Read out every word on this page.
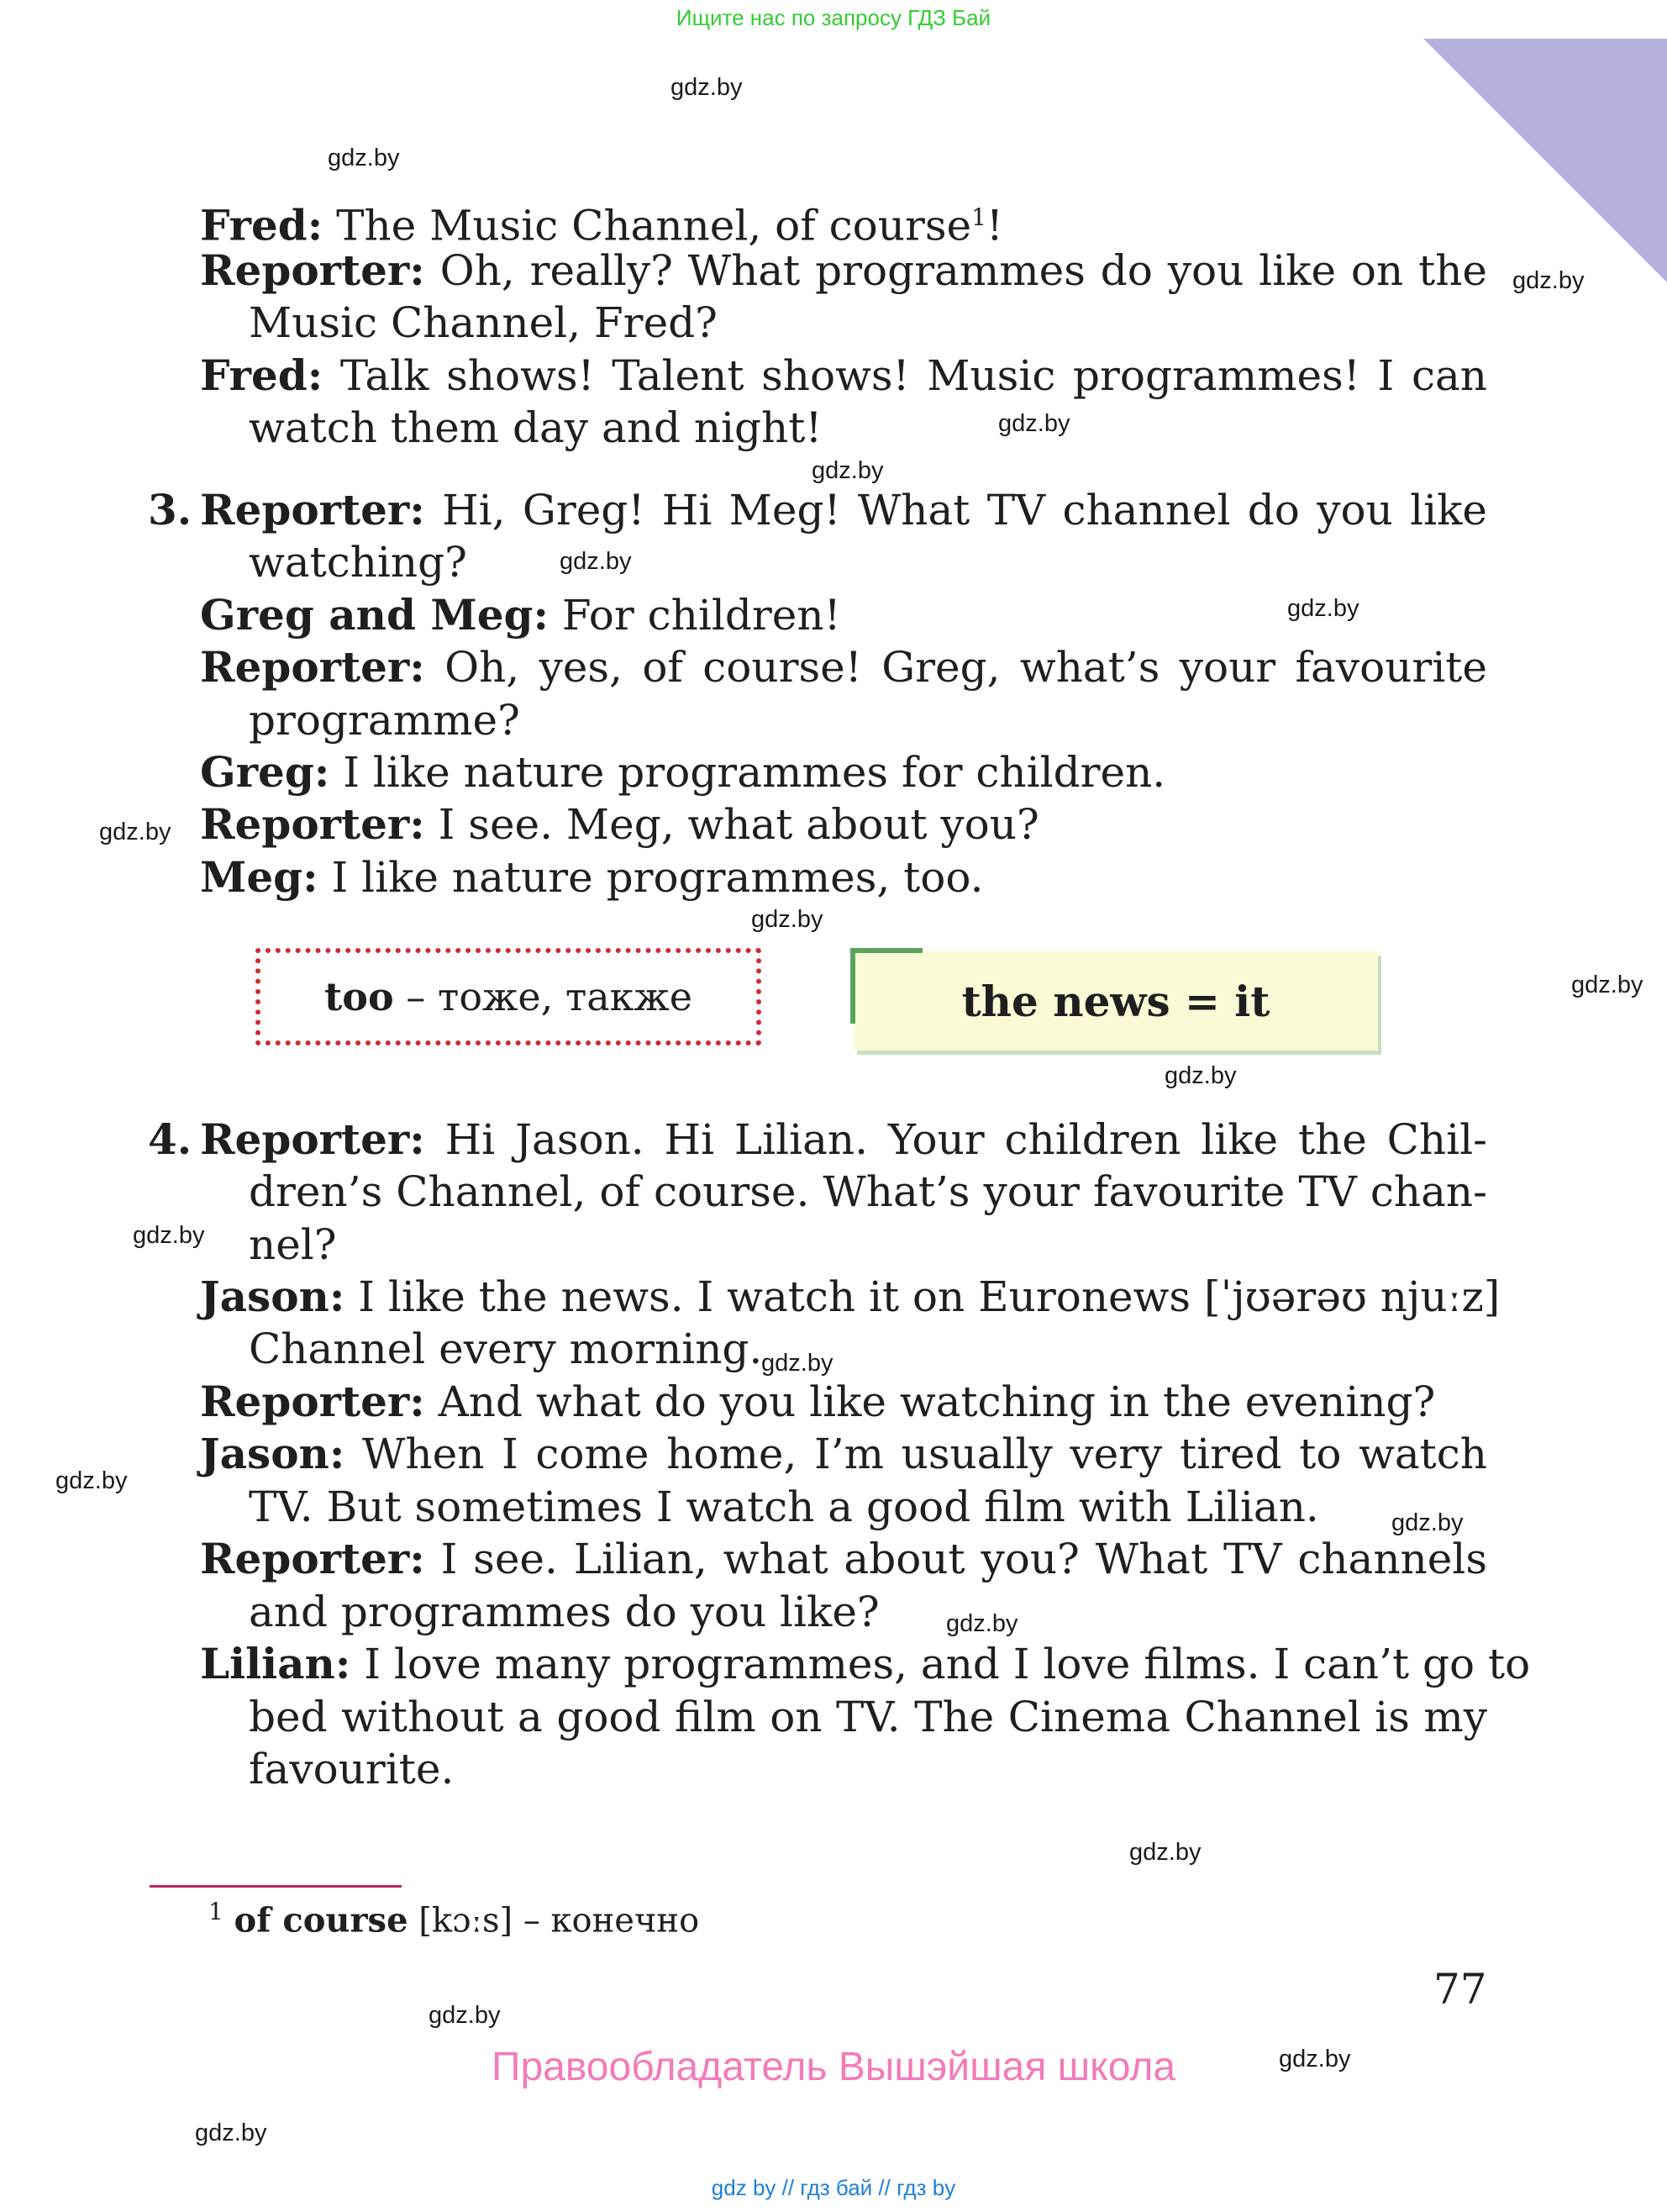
Ищите нас по запросу ГДЗ Бай
Fred: The Music Channel, of course$^1$!
Reporter: Oh, really? What programmes do you like on the
Music Channel, Fred?
Fred: Talk shows! Talent shows! Music programmes! I can
watch them day and night!
3. Reporter: Hi, Greg! Hi Meg! What TV channel do you like
watching?
Greg and Meg: For children!
Reporter: Oh, yes, of course! Greg, what’s your favourite
programme?
Greg: I like nature programmes for children.
Reporter: I see. Meg, what about you?
Meg: I like nature programmes, too.
4. Reporter: Hi Jason. Hi Lilian. Your children like the Chil-
dren’s Channel, of course. What’s your favourite TV chan-
nel?
Jason: I like the news. I watch it on Euronews [ˈjʊərəʊ njuːz]
Channel every morning.
Reporter: And what do you like watching in the evening?
Jason: When I come home, I’m usually very tired to watch
TV. But sometimes I watch a good film with Lilian.
Reporter: I see. Lilian, what about you? What TV channels
and programmes do you like?
Lilian: I love many programmes, and I love films. I can’t go to
bed without a good film on TV. The Cinema Channel is my
favourite.
too
– тоже, также	the news = it
$^1$ of course [kɔːs] – конечно
77
Правообладатель Вышэйшая школа
gdz by // гдз бай // гдз by
gdz.by
gdz.by
gdz.by
gdz.by
gdz.by
gdz.by
gdz.by
gdz.by
gdz.by
gdz.by
gdz.by
gdz.by
gdz.by
gdz.by
gdz.by
gdz.by
gdz.by
gdz.by
gdz.by
gdz.by
